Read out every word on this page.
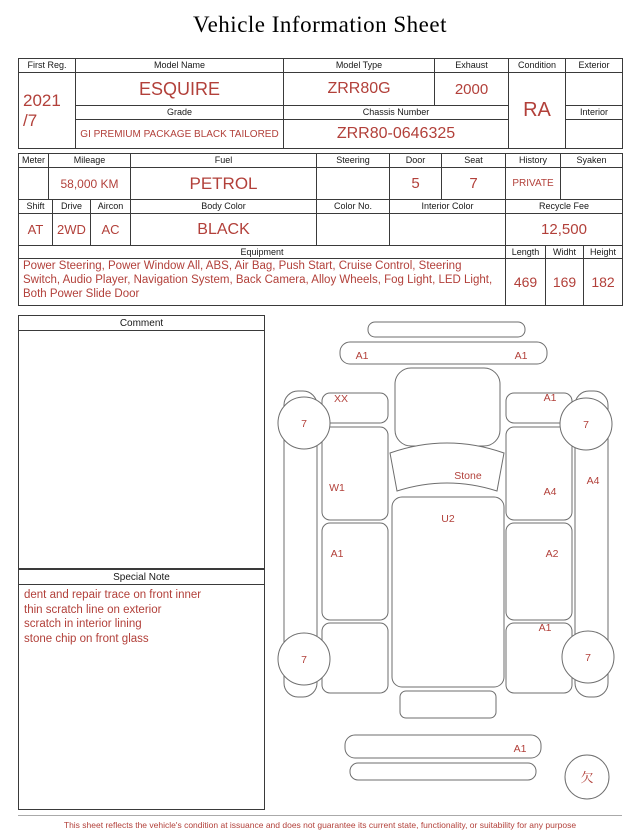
Vehicle Information Sheet
First Reg.	Model Name	Model Type	Exhaust	Condition	Exterior

2021
/7	ESQUIRE	ZRR80G	2000	RA	
	Grade	Chassis Number			Interior
	GI PREMIUM PACKAGE BLACK TAILORED	ZRR80-0646325			
Meter	Mileage			Fuel	Steering	Door	Seat	History		Syaken	
	58,000 KM			PETROL		5	7	PRIVATE			
Shift		Drive	Aircon	Body Color	Color No.	Interior Color		Recycle Fee			
AT		2WD	AC	BLACK				12,500			
Equipment								Length	Widht		Height
Power Steering, Power Window All, ABS, Air Bag, Push Start, Cruise Control, Steering Switch, Audio Player, Navigation System, Back Camera, Alloy Wheels, Fog Light, LED Light, Both Power Slide Door								469	169		182
Comment
Special Note
dent and repair trace on front inner
thin scratch line on exterior
scratch in interior lining
stone chip on front glass
A1	A1
XX	A1
7	7
W1
Stone
A4
A4
U2
A1	A2
A1
7	7
A1
欠
This sheet reflects the vehicle's condition at issuance and does not guarantee its current state, functionality, or suitability for any purpose
